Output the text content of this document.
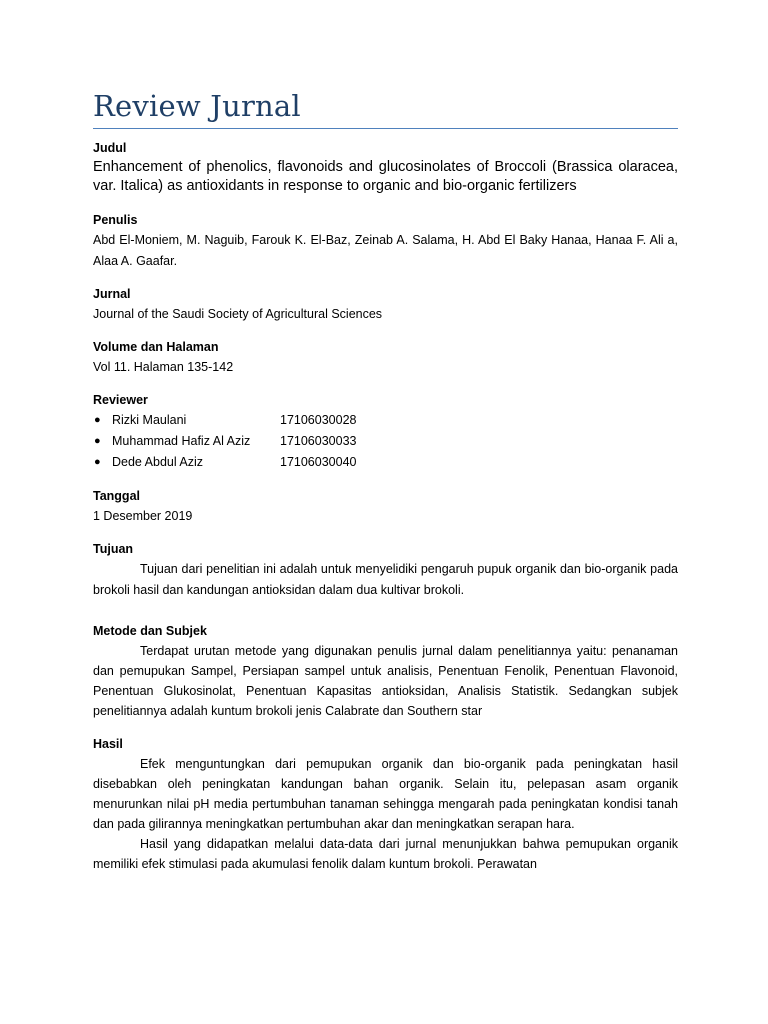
Review Jurnal

Judul

Enhancement of phenolics, flavonoids and glucosinolates of Broccoli (Brassica olaracea, var. Italica) as antioxidants in response to organic and bio-organic fertilizers

Penulis

Abd El-Moniem, M. Naguib, Farouk K. El-Baz, Zeinab A. Salama, H. Abd El Baky Hanaa, Hanaa F. Ali a, Alaa A. Gaafar.

Jurnal

Journal of the Saudi Society of Agricultural Sciences

Volume dan Halaman

Vol 11. Halaman 135-142

Reviewer

● Rizki Maulani	17106030028
● Muhammad Hafiz Al Aziz	17106030033
● Dede Abdul Aziz	17106030040

Tanggal

1 Desember 2019

Tujuan

Tujuan dari penelitian ini adalah untuk menyelidiki pengaruh pupuk organik dan bio-organik pada brokoli hasil dan kandungan antioksidan dalam dua kultivar brokoli.

Metode dan Subjek

Terdapat urutan metode yang digunakan penulis jurnal dalam penelitiannya yaitu: penanaman dan pemupukan Sampel, Persiapan sampel untuk analisis, Penentuan Fenolik, Penentuan Flavonoid, Penentuan Glukosinolat, Penentuan Kapasitas antioksidan, Analisis Statistik. Sedangkan subjek penelitiannya adalah kuntum brokoli jenis Calabrate dan Southern star

Hasil

Efek menguntungkan dari pemupukan organik dan bio-organik pada peningkatan hasil disebabkan oleh peningkatan kandungan bahan organik. Selain itu, pelepasan asam organik menurunkan nilai pH media pertumbuhan tanaman sehingga mengarah pada peningkatan kondisi tanah dan pada gilirannya meningkatkan pertumbuhan akar dan meningkatkan serapan hara.

Hasil yang didapatkan melalui data-data dari jurnal menunjukkan bahwa pemupukan organik memiliki efek stimulasi pada akumulasi fenolik dalam kuntum brokoli. Perawatan
